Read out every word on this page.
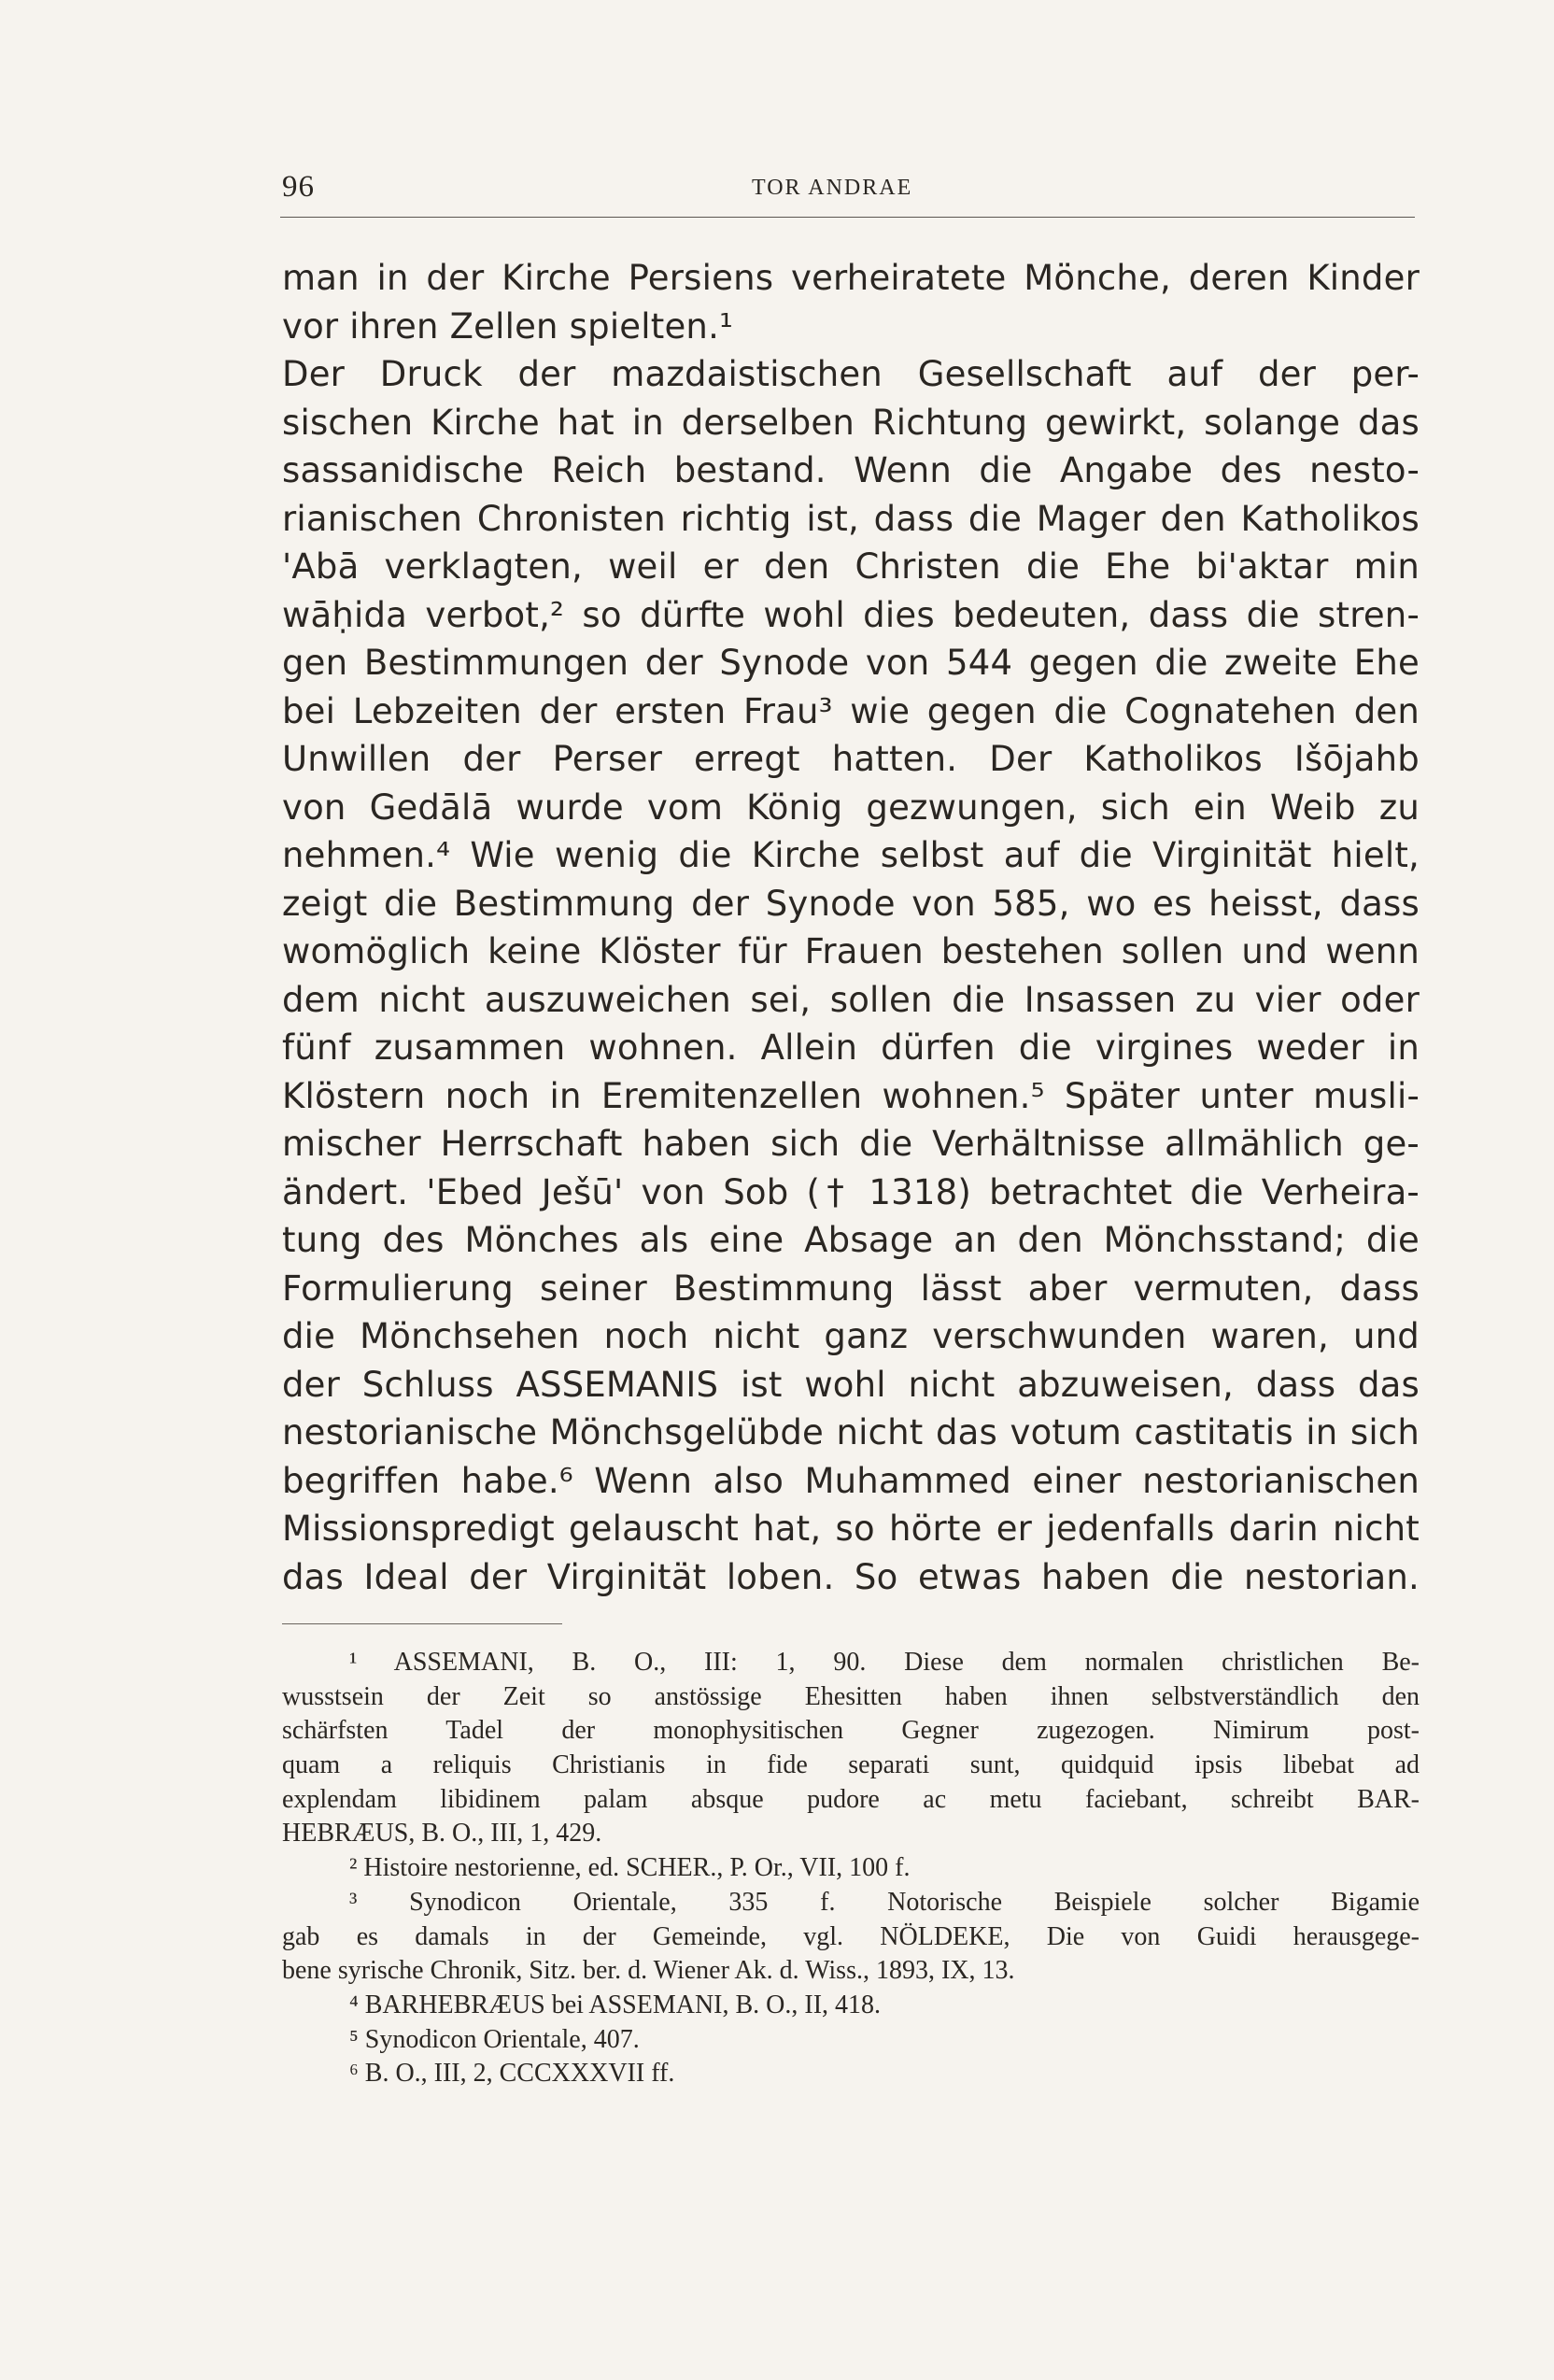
96	TOR ANDRAE
man in der Kirche Persiens verheiratete Mönche, deren Kinder
vor ihren Zellen spielten.¹
Der Druck der mazdaistischen Gesellschaft auf der per-
sischen Kirche hat in derselben Richtung gewirkt, solange das
sassanidische Reich bestand. Wenn die Angabe des nesto-
rianischen Chronisten richtig ist, dass die Mager den Katholikos
'Abā verklagten, weil er den Christen die Ehe bi'aktar min
wāḥida verbot,² so dürfte wohl dies bedeuten, dass die stren-
gen Bestimmungen der Synode von 544 gegen die zweite Ehe
bei Lebzeiten der ersten Frau³ wie gegen die Cognatehen den
Unwillen der Perser erregt hatten. Der Katholikos Išōjahb
von Gedālā wurde vom König gezwungen, sich ein Weib zu
nehmen.⁴ Wie wenig die Kirche selbst auf die Virginität hielt,
zeigt die Bestimmung der Synode von 585, wo es heisst, dass
womöglich keine Klöster für Frauen bestehen sollen und wenn
dem nicht auszuweichen sei, sollen die Insassen zu vier oder
fünf zusammen wohnen. Allein dürfen die virgines weder in
Klöstern noch in Eremitenzellen wohnen.⁵ Später unter musli-
mischer Herrschaft haben sich die Verhältnisse allmählich ge-
ändert. 'Ebed Ješū' von Sob († 1318) betrachtet die Verheira-
tung des Mönches als eine Absage an den Mönchsstand; die
Formulierung seiner Bestimmung lässt aber vermuten, dass
die Mönchsehen noch nicht ganz verschwunden waren, und
der Schluss ASSEMANIS ist wohl nicht abzuweisen, dass das
nestorianische Mönchsgelübde nicht das votum castitatis in sich
begriffen habe.⁶ Wenn also Muhammed einer nestorianischen
Missionspredigt gelauscht hat, so hörte er jedenfalls darin nicht
das Ideal der Virginität loben. So etwas haben die nestorian.
¹ ASSEMANI, B. O., III: 1, 90. Diese dem normalen christlichen Be-
wusstsein der Zeit so anstössige Ehesitten haben ihnen selbstverständlich den
schärfsten Tadel der monophysitischen Gegner zugezogen. Nimirum post-
quam a reliquis Christianis in fide separati sunt, quidquid ipsis libebat ad
explendam libidinem palam absque pudore ac metu faciebant, schreibt BAR-
HEBRÆUS, B. O., III, 1, 429.
² Histoire nestorienne, ed. SCHER., P. Or., VII, 100 f.
³ Synodicon Orientale, 335 f. Notorische Beispiele solcher Bigamie
gab es damals in der Gemeinde, vgl. NÖLDEKE, Die von Guidi herausgege-
bene syrische Chronik, Sitz. ber. d. Wiener Ak. d. Wiss., 1893, IX, 13.
⁴ BARHEBRÆUS bei ASSEMANI, B. O., II, 418.
⁵ Synodicon Orientale, 407.
⁶ B. O., III, 2, CCCXXXVII ff.
